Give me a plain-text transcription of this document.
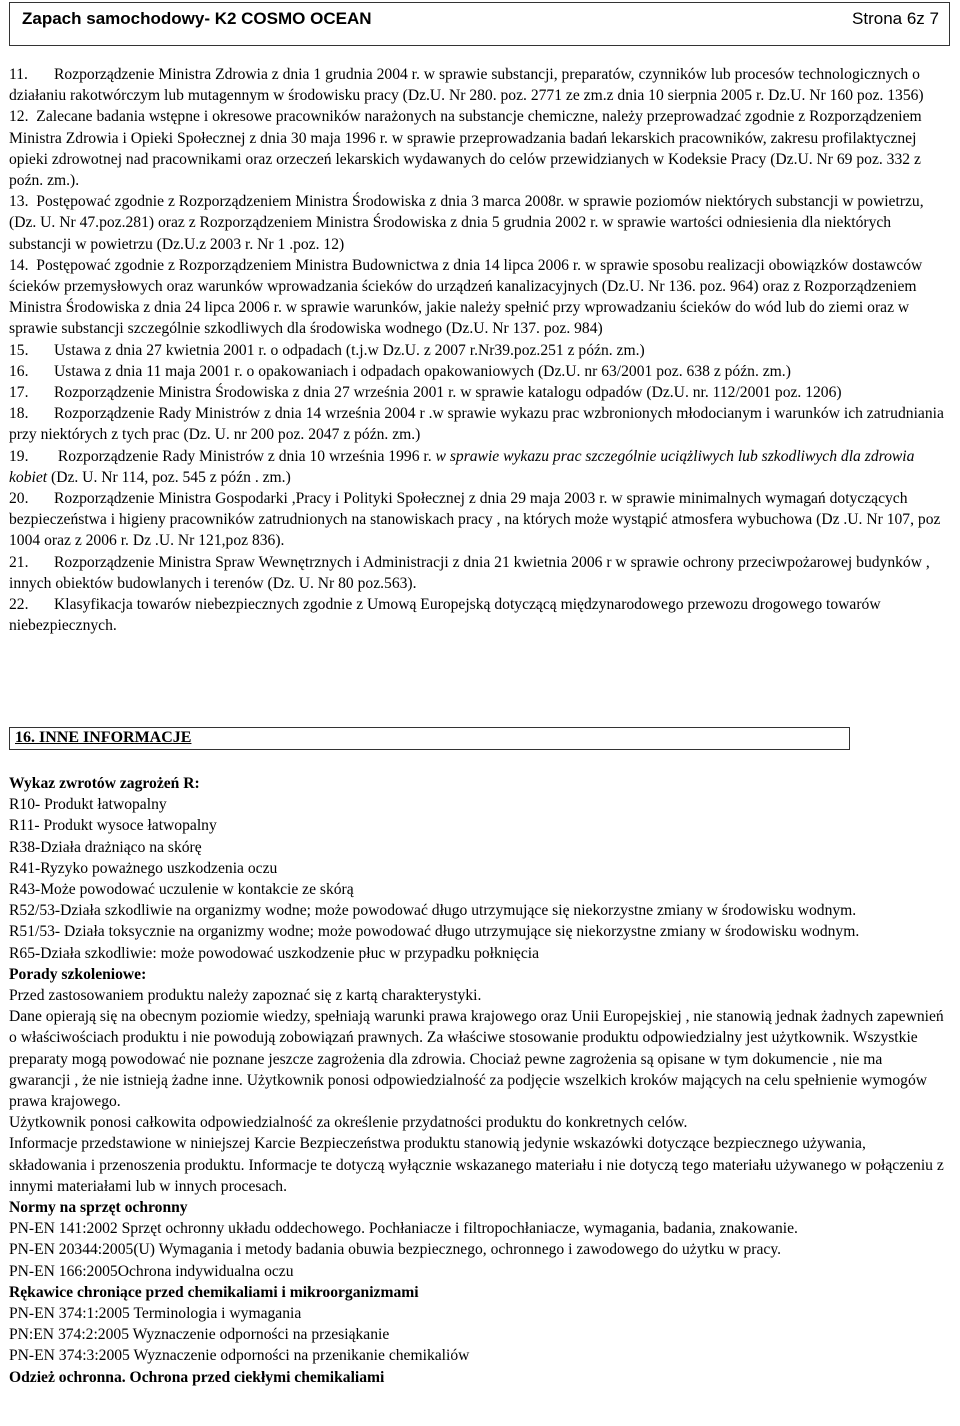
Zapach samochodowy- K2 COSMO OCEAN	Strona 6z 7

11. Rozporządzenie Ministra Zdrowia z dnia 1 grudnia 2004 r. w sprawie substancji, preparatów, czynników lub procesów technologicznych o działaniu rakotwórczym lub mutagennym w środowisku pracy (Dz.U. Nr 280. poz. 2771 ze zm.z dnia 10 sierpnia 2005 r. Dz.U. Nr 160 poz. 1356)

12. Zalecane badania wstępne i okresowe pracowników narażonych na substancje chemiczne, należy przeprowadzać zgodnie z Rozporządzeniem Ministra Zdrowia i Opieki Społecznej z dnia 30 maja 1996 r. w sprawie przeprowadzania badań lekarskich pracowników, zakresu profilaktycznej opieki zdrowotnej nad pracownikami oraz orzeczeń lekarskich wydawanych do celów przewidzianych w Kodeksie Pracy (Dz.U. Nr 69 poz. 332 z poźn. zm.).

13. Postępować zgodnie z Rozporządzeniem Ministra Środowiska z dnia 3 marca 2008r. w sprawie poziomów niektórych substancji w powietrzu, (Dz. U. Nr 47.poz.281) oraz z Rozporządzeniem Ministra Środowiska z dnia 5 grudnia 2002 r. w sprawie wartości odniesienia dla niektórych substancji w powietrzu (Dz.U.z 2003 r. Nr 1 .poz. 12)

14. Postępować zgodnie z Rozporządzeniem Ministra Budownictwa z dnia 14 lipca 2006 r. w sprawie sposobu realizacji obowiązków dostawców ścieków przemysłowych oraz warunków wprowadzania ścieków do urządzeń kanalizacyjnych (Dz.U. Nr 136. poz. 964) oraz z Rozporządzeniem Ministra Środowiska z dnia 24 lipca 2006 r. w sprawie warunków, jakie należy spełnić przy wprowadzaniu ścieków do wód lub do ziemi oraz w sprawie substancji szczególnie szkodliwych dla środowiska wodnego (Dz.U. Nr 137. poz. 984)

15. Ustawa z dnia 27 kwietnia 2001 r. o odpadach (t.j.w Dz.U. z 2007 r.Nr39.poz.251 z późn. zm.)

16. Ustawa z dnia 11 maja 2001 r. o opakowaniach i odpadach opakowaniowych (Dz.U. nr 63/2001 poz. 638 z późn. zm.)

17. Rozporządzenie Ministra Środowiska z dnia 27 września 2001 r. w sprawie katalogu odpadów (Dz.U. nr. 112/2001 poz. 1206)

18. Rozporządzenie Rady Ministrów z dnia 14 września 2004 r .w sprawie wykazu prac wzbronionych młodocianym i warunków ich zatrudniania przy niektórych z tych prac (Dz. U. nr 200 poz. 2047 z późn. zm.)

19. Rozporządzenie Rady Ministrów z dnia 10 września 1996 r. w sprawie wykazu prac szczególnie uciążliwych lub szkodliwych dla zdrowia kobiet (Dz. U. Nr 114, poz. 545 z późn . zm.)

20. Rozporządzenie Ministra Gospodarki ,Pracy i Polityki Społecznej z dnia 29 maja 2003 r. w sprawie minimalnych wymagań dotyczących bezpieczeństwa i higieny pracowników zatrudnionych na stanowiskach pracy , na których może wystąpić atmosfera wybuchowa (Dz .U. Nr 107, poz 1004 oraz z 2006 r. Dz .U. Nr 121,poz 836).

21. Rozporządzenie Ministra Spraw Wewnętrznych i Administracji z dnia 21 kwietnia 2006 r w sprawie ochrony przeciwpożarowej budynków , innych obiektów budowlanych i terenów (Dz. U. Nr 80 poz.563).

22. Klasyfikacja towarów niebezpiecznych zgodnie z Umową Europejską dotyczącą międzynarodowego przewozu drogowego towarów niebezpiecznych.

16. INNE INFORMACJE

Wykaz zwrotów zagrożeń R:

R10- Produkt łatwopalny

R11- Produkt wysoce łatwopalny

R38-Działa drażniąco na skórę

R41-Ryzyko poważnego uszkodzenia oczu

R43-Może powodować uczulenie w kontakcie ze skórą

R52/53-Działa szkodliwie na organizmy wodne; może powodować długo utrzymujące się niekorzystne zmiany w środowisku wodnym.

R51/53- Działa toksycznie na organizmy wodne; może powodować długo utrzymujące się niekorzystne zmiany w środowisku wodnym.

R65-Działa szkodliwie: może powodować uszkodzenie płuc w przypadku połknięcia

Porady szkoleniowe:

Przed zastosowaniem produktu należy zapoznać się z kartą charakterystyki.

Dane opierają się na obecnym poziomie wiedzy, spełniają warunki prawa krajowego oraz Unii Europejskiej , nie stanowią jednak żadnych zapewnień o właściwościach produktu i nie powodują zobowiązań prawnych. Za właściwe stosowanie produktu odpowiedzialny jest użytkownik. Wszystkie preparaty mogą powodować nie poznane jeszcze zagrożenia dla zdrowia. Chociaż pewne zagrożenia są opisane w tym dokumencie , nie ma gwarancji , że nie istnieją żadne inne. Użytkownik ponosi odpowiedzialność za podjęcie wszelkich kroków mających na celu spełnienie wymogów prawa krajowego.

Użytkownik ponosi całkowita odpowiedzialność za określenie przydatności produktu do konkretnych celów.

Informacje przedstawione w niniejszej Karcie Bezpieczeństwa produktu stanowią jedynie wskazówki dotyczące bezpiecznego używania, składowania i przenoszenia produktu. Informacje te dotyczą wyłącznie wskazanego materiału i nie dotyczą tego materiału używanego w połączeniu z innymi materiałami lub w innych procesach.

Normy na sprzęt ochronny

PN-EN 141:2002 Sprzęt ochronny układu oddechowego. Pochłaniacze i filtropochłaniacze, wymagania, badania, znakowanie.

PN-EN 20344:2005(U) Wymagania i metody badania obuwia bezpiecznego, ochronnego i zawodowego do użytku w pracy.

PN-EN 166:2005Ochrona indywidualna oczu

Rękawice chroniące przed chemikaliami i mikroorganizmami

PN-EN 374:1:2005 Terminologia i wymagania

PN:EN 374:2:2005 Wyznaczenie odporności na przesiąkanie

PN-EN 374:3:2005 Wyznaczenie odporności na przenikanie chemikaliów

Odzież ochronna. Ochrona przed ciekłymi chemikaliami
